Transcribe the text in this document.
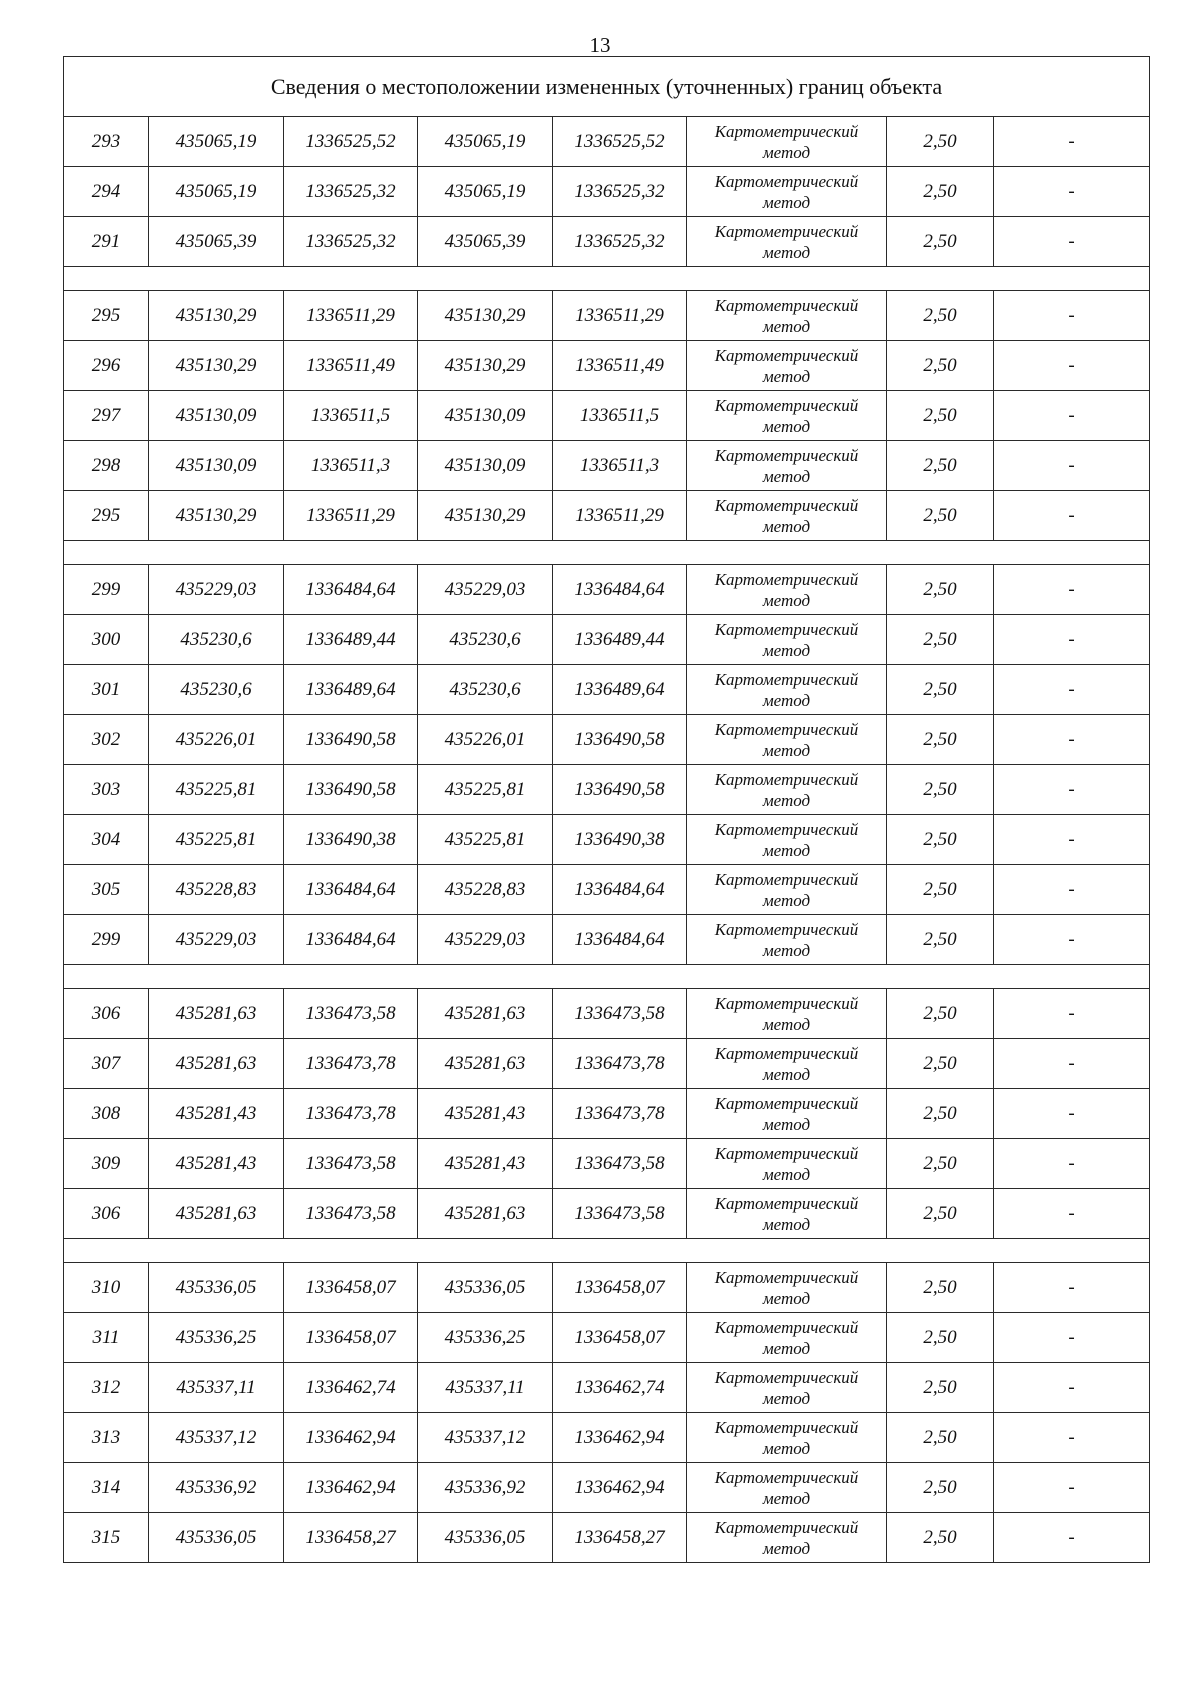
13
Сведения о местоположении измененных (уточненных) границ объекта							
293	435065,19	1336525,52	435065,19	1336525,52	Картометрический
метод	2,50	-
294	435065,19	1336525,32	435065,19	1336525,32	Картометрический
метод	2,50	-
291	435065,39	1336525,32	435065,39	1336525,32	Картометрический
метод	2,50	-

295	435130,29	1336511,29	435130,29	1336511,29	Картометрический
метод	2,50	-
296	435130,29	1336511,49	435130,29	1336511,49	Картометрический
метод	2,50	-
297	435130,09	1336511,5	435130,09	1336511,5	Картометрический
метод	2,50	-
298	435130,09	1336511,3	435130,09	1336511,3	Картометрический
метод	2,50	-
295	435130,29	1336511,29	435130,29	1336511,29	Картометрический
метод	2,50	-

299	435229,03	1336484,64	435229,03	1336484,64	Картометрический
метод	2,50	-
300	435230,6	1336489,44	435230,6	1336489,44	Картометрический
метод	2,50	-
301	435230,6	1336489,64	435230,6	1336489,64	Картометрический
метод	2,50	-
302	435226,01	1336490,58	435226,01	1336490,58	Картометрический
метод	2,50	-
303	435225,81	1336490,58	435225,81	1336490,58	Картометрический
метод	2,50	-
304	435225,81	1336490,38	435225,81	1336490,38	Картометрический
метод	2,50	-
305	435228,83	1336484,64	435228,83	1336484,64	Картометрический
метод	2,50	-
299	435229,03	1336484,64	435229,03	1336484,64	Картометрический
метод	2,50	-

306	435281,63	1336473,58	435281,63	1336473,58	Картометрический
метод	2,50	-
307	435281,63	1336473,78	435281,63	1336473,78	Картометрический
метод	2,50	-
308	435281,43	1336473,78	435281,43	1336473,78	Картометрический
метод	2,50	-
309	435281,43	1336473,58	435281,43	1336473,58	Картометрический
метод	2,50	-
306	435281,63	1336473,58	435281,63	1336473,58	Картометрический
метод	2,50	-

310	435336,05	1336458,07	435336,05	1336458,07	Картометрический
метод	2,50	-
311	435336,25	1336458,07	435336,25	1336458,07	Картометрический
метод	2,50	-
312	435337,11	1336462,74	435337,11	1336462,74	Картометрический
метод	2,50	-
313	435337,12	1336462,94	435337,12	1336462,94	Картометрический
метод	2,50	-
314	435336,92	1336462,94	435336,92	1336462,94	Картометрический
метод	2,50	-
315	435336,05	1336458,27	435336,05	1336458,27	Картометрический
метод	2,50	-
